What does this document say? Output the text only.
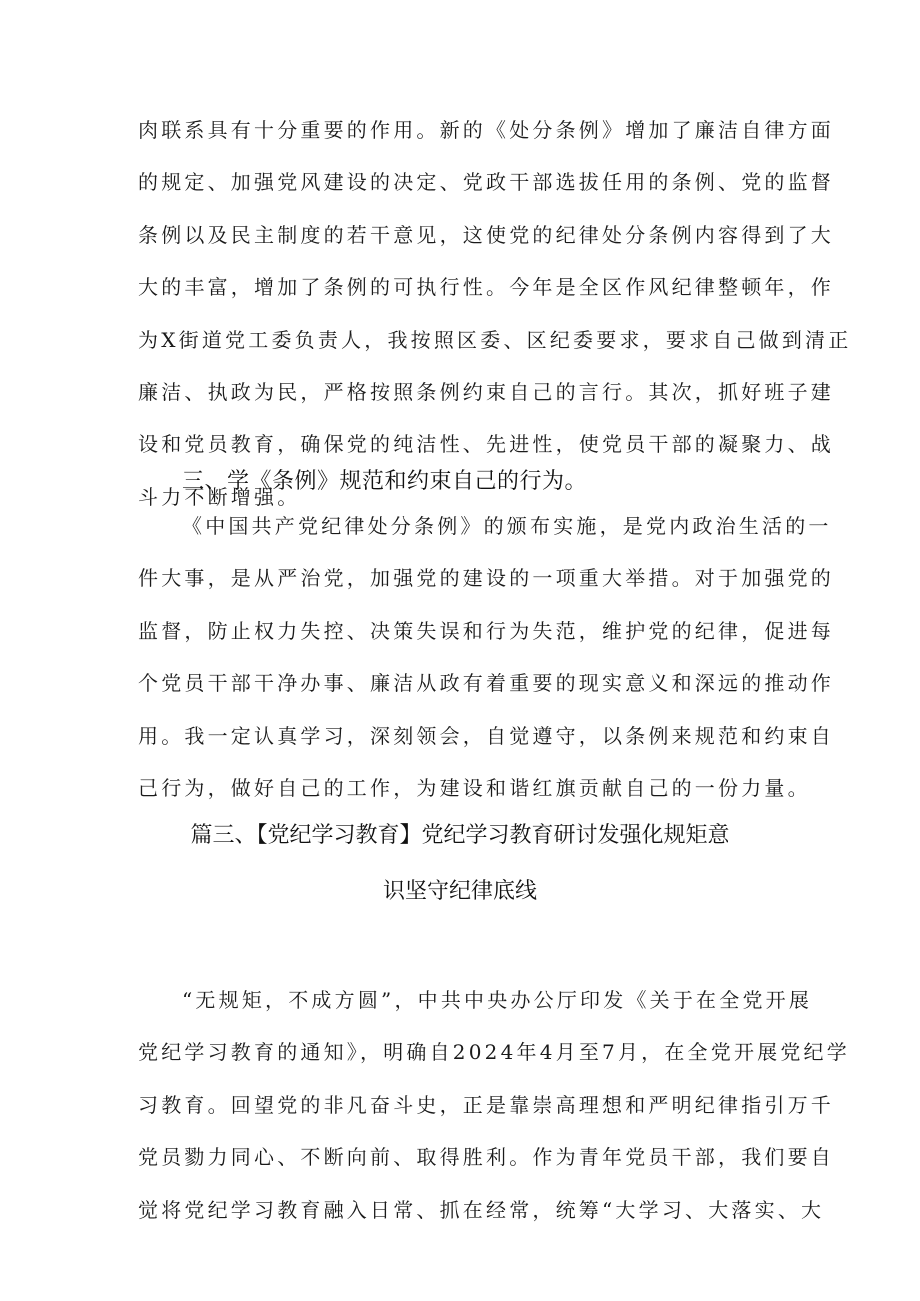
肉联系具有十分重要的作用。新的《处分条例》增加了廉洁自律方面
的规定、加强党风建设的决定、党政干部选拔任用的条例、党的监督
条例以及民主制度的若干意见，这使党的纪律处分条例内容得到了大
大的丰富，增加了条例的可执行性。今年是全区作风纪律整顿年，作
为X街道党工委负责人，我按照区委、区纪委要求，要求自己做到清正
廉洁、执政为民，严格按照条例约束自己的言行。其次，抓好班子建
设和党员教育，确保党的纯洁性、先进性，使党员干部的凝聚力、战
斗力不断增强。
三、学《条例》规范和约束自己的行为。
《中国共产党纪律处分条例》的颁布实施，是党内政治生活的一
件大事，是从严治党，加强党的建设的一项重大举措。对于加强党的
监督，防止权力失控、决策失误和行为失范，维护党的纪律，促进每
个党员干部干净办事、廉洁从政有着重要的现实意义和深远的推动作
用。我一定认真学习，深刻领会，自觉遵守，以条例来规范和约束自
己行为，做好自己的工作，为建设和谐红旗贡献自己的一份力量。
篇三、【党纪学习教育】党纪学习教育研讨发强化规矩意
识坚守纪律底线
“无规矩，不成方圆”，中共中央办公厅印发《关于在全党开展
党纪学习教育的通知》，明确自2024年4月至7月，在全党开展党纪学
习教育。回望党的非凡奋斗史，正是靠崇高理想和严明纪律指引万千
党员勠力同心、不断向前、取得胜利。作为青年党员干部，我们要自
觉将党纪学习教育融入日常、抓在经常，统筹“大学习、大落实、大
